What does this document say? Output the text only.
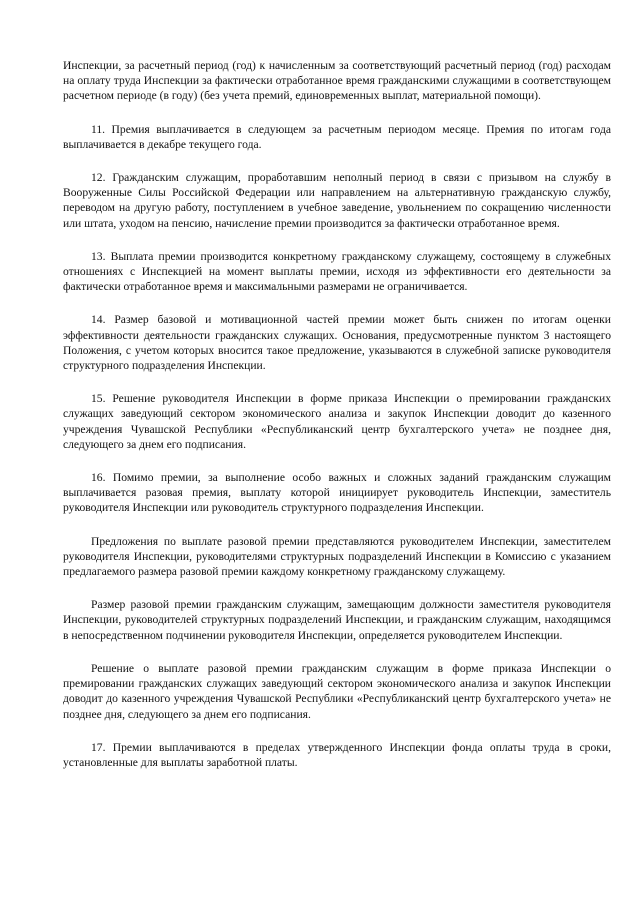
Инспекции, за расчетный период (год) к начисленным за соответствующий расчетный период (год) расходам на оплату труда Инспекции за фактически отработанное время гражданскими служащими в соответствующем расчетном периоде (в году) (без учета премий, единовременных выплат, материальной помощи).

11. Премия выплачивается в следующем за расчетным периодом месяце. Премия по итогам года выплачивается в декабре текущего года.

12. Гражданским служащим, проработавшим неполный период в связи с призывом на службу в Вооруженные Силы Российской Федерации или направлением на альтернативную гражданскую службу, переводом на другую работу, поступлением в учебное заведение, увольнением по сокращению численности или штата, уходом на пенсию, начисление премии производится за фактически отработанное время.

13. Выплата премии производится конкретному гражданскому служащему, состоящему в служебных отношениях с Инспекцией на момент выплаты премии, исходя из эффективности его деятельности за фактически отработанное время и максимальными размерами не ограничивается.

14. Размер базовой и мотивационной частей премии может быть снижен по итогам оценки эффективности деятельности гражданских служащих. Основания, предусмотренные пунктом 3 настоящего Положения, с учетом которых вносится такое предложение, указываются в служебной записке руководителя структурного подразделения Инспекции.

15. Решение руководителя Инспекции в форме приказа Инспекции о премировании гражданских служащих заведующий сектором экономического анализа и закупок Инспекции доводит до казенного учреждения Чувашской Республики «Республиканский центр бухгалтерского учета» не позднее дня, следующего за днем его подписания.

16. Помимо премии, за выполнение особо важных и сложных заданий гражданским служащим выплачивается разовая премия, выплату которой инициирует руководитель Инспекции, заместитель руководителя Инспекции или руководитель структурного подразделения Инспекции.

Предложения по выплате разовой премии представляются руководителем Инспекции, заместителем руководителя Инспекции, руководителями структурных подразделений Инспекции в Комиссию с указанием предлагаемого размера разовой премии каждому конкретному гражданскому служащему.

Размер разовой премии гражданским служащим, замещающим должности заместителя руководителя Инспекции, руководителей структурных подразделений Инспекции, и гражданским служащим, находящимся в непосредственном подчинении руководителя Инспекции, определяется руководителем Инспекции.

Решение о выплате разовой премии гражданским служащим в форме приказа Инспекции о премировании гражданских служащих заведующий сектором экономического анализа и закупок Инспекции доводит до казенного учреждения Чувашской Республики «Республиканский центр бухгалтерского учета» не позднее дня, следующего за днем его подписания.

17. Премии выплачиваются в пределах утвержденного Инспекции фонда оплаты труда в сроки, установленные для выплаты заработной платы.
